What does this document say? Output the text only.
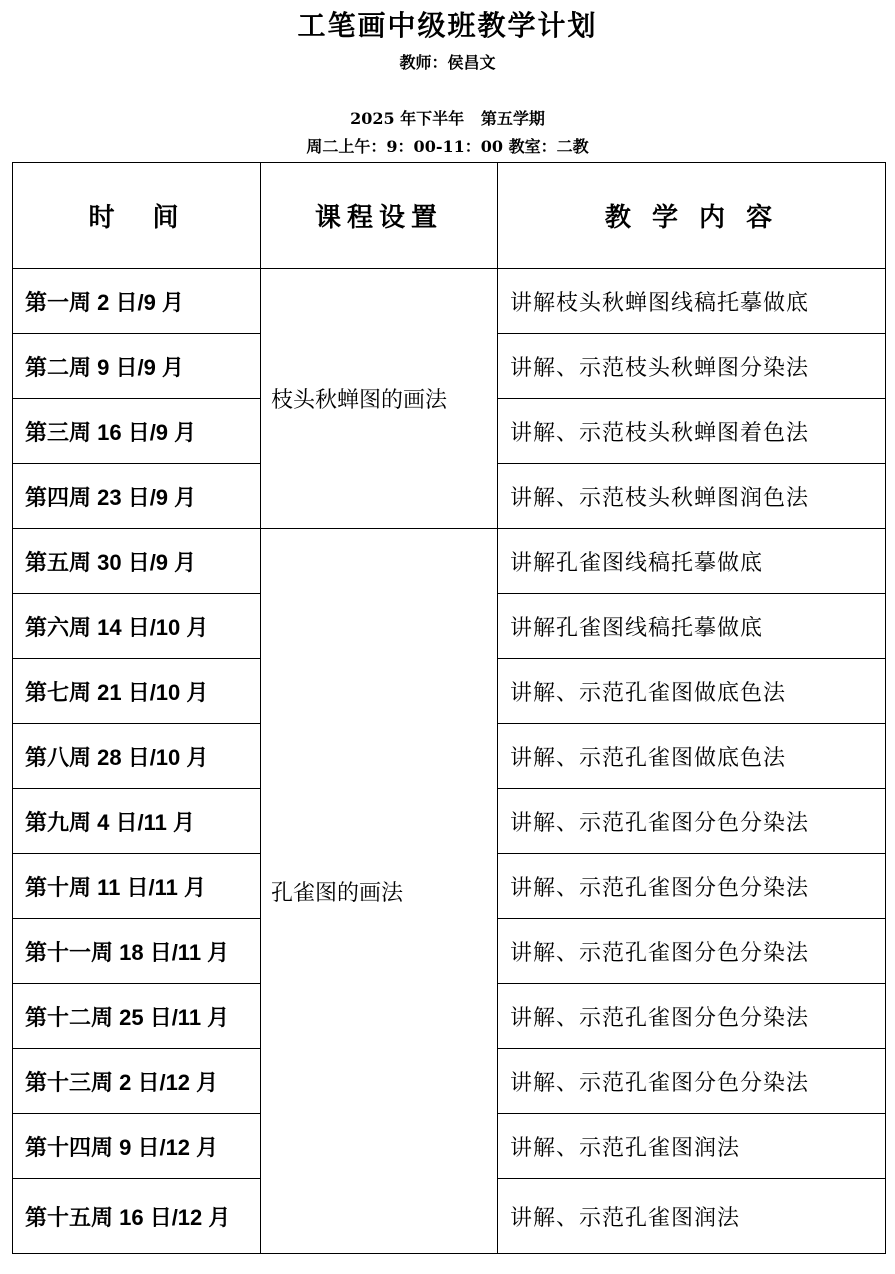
工笔画中级班教学计划
教师：侯昌文
2025 年下半年   第五学期
周二上午：9：00-11：00 教室：二教
时　间	课程设置	教 学 内 容
第一周 2 日/9 月	枝头秋蝉图的画法	讲解枝头秋蝉图线稿托摹做底
第二周 9 日/9 月		讲解、示范枝头秋蝉图分染法
第三周 16 日/9 月		讲解、示范枝头秋蝉图着色法
第四周 23 日/9 月		讲解、示范枝头秋蝉图润色法
第五周 30 日/9 月	孔雀图的画法	讲解孔雀图线稿托摹做底
第六周 14 日/10 月		讲解孔雀图线稿托摹做底
第七周 21 日/10 月		讲解、示范孔雀图做底色法
第八周 28 日/10 月		讲解、示范孔雀图做底色法
第九周 4 日/11 月		讲解、示范孔雀图分色分染法
第十周 11 日/11 月		讲解、示范孔雀图分色分染法
第十一周 18 日/11 月		讲解、示范孔雀图分色分染法
第十二周 25 日/11 月		讲解、示范孔雀图分色分染法
第十三周 2 日/12 月		讲解、示范孔雀图分色分染法
第十四周 9 日/12 月		讲解、示范孔雀图润法
第十五周 16 日/12 月		讲解、示范孔雀图润法
